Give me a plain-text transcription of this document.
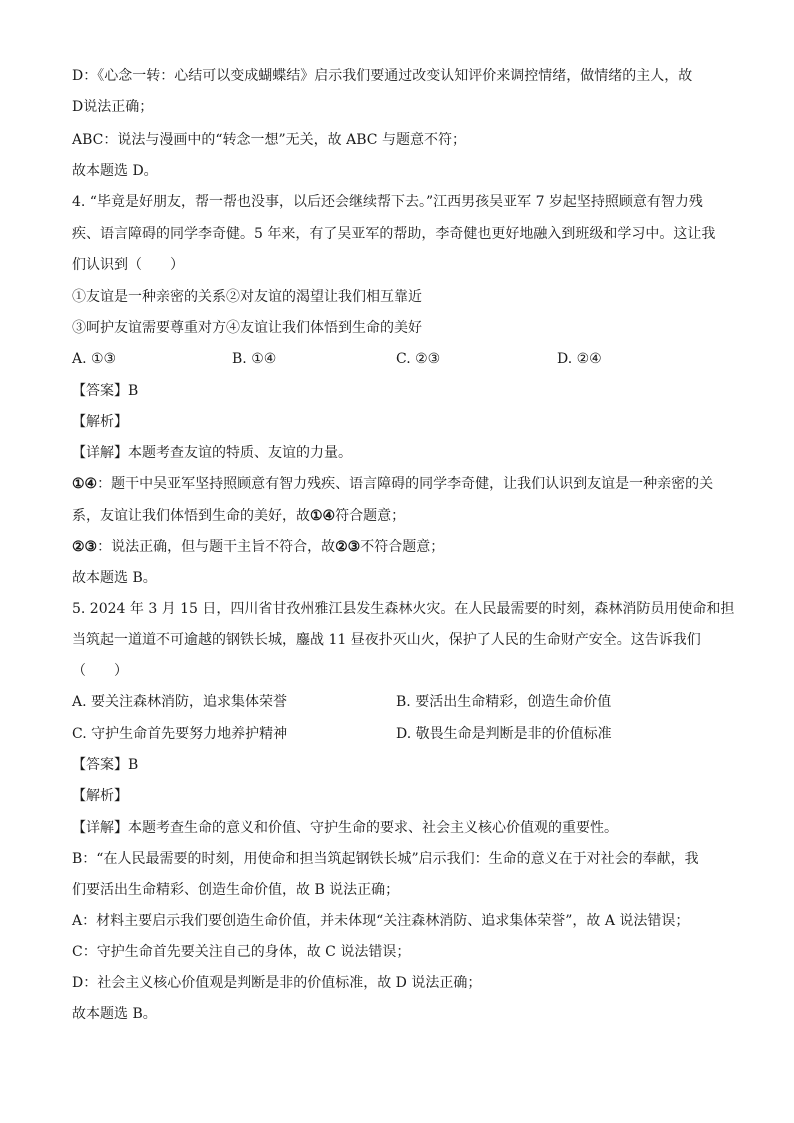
D：《心念一转：心结可以变成蝴蝶结》启示我们要通过改变认知评价来调控情绪，做情绪的主人，故
D说法正确；
ABC：说法与漫画中的“转念一想”无关，故 ABC 与题意不符；
故本题选 D。
4. “毕竟是好朋友，帮一帮也没事，以后还会继续帮下去。”江西男孩吴亚军 7 岁起坚持照顾意有智力残
疾、语言障碍的同学李奇健。5 年来，有了吴亚军的帮助，李奇健也更好地融入到班级和学习中。这让我
们认识到（　　）
①友谊是一种亲密的关系②对友谊的渴望让我们相互靠近
③呵护友谊需要尊重对方④友谊让我们体悟到生命的美好
A. ①③	B. ①④	C. ②③	D. ②④
【答案】B
【解析】
【详解】本题考查友谊的特质、友谊的力量。
①④：题干中吴亚军坚持照顾意有智力残疾、语言障碍的同学李奇健，让我们认识到友谊是一种亲密的关
系，友谊让我们体悟到生命的美好，故①④符合题意；
②③：说法正确，但与题干主旨不符合，故②③不符合题意；
故本题选 B。
5. 2024 年 3 月 15 日，四川省甘孜州雅江县发生森林火灾。在人民最需要的时刻，森林消防员用使命和担
当筑起一道道不可逾越的钢铁长城，鏖战 11 昼夜扑灭山火，保护了人民的生命财产安全。这告诉我们
（　　）
A. 要关注森林消防，追求集体荣誉	B. 要活出生命精彩，创造生命价值
C. 守护生命首先要努力地养护精神	D. 敬畏生命是判断是非的价值标准
【答案】B
【解析】
【详解】本题考查生命的意义和价值、守护生命的要求、社会主义核心价值观的重要性。
B：“在人民最需要的时刻，用使命和担当筑起钢铁长城”启示我们：生命的意义在于对社会的奉献，我
们要活出生命精彩、创造生命价值，故 B 说法正确；
A：材料主要启示我们要创造生命价值，并未体现“关注森林消防、追求集体荣誉”，故 A 说法错误；
C：守护生命首先要关注自己的身体，故 C 说法错误；
D：社会主义核心价值观是判断是非的价值标准，故 D 说法正确；
故本题选 B。
